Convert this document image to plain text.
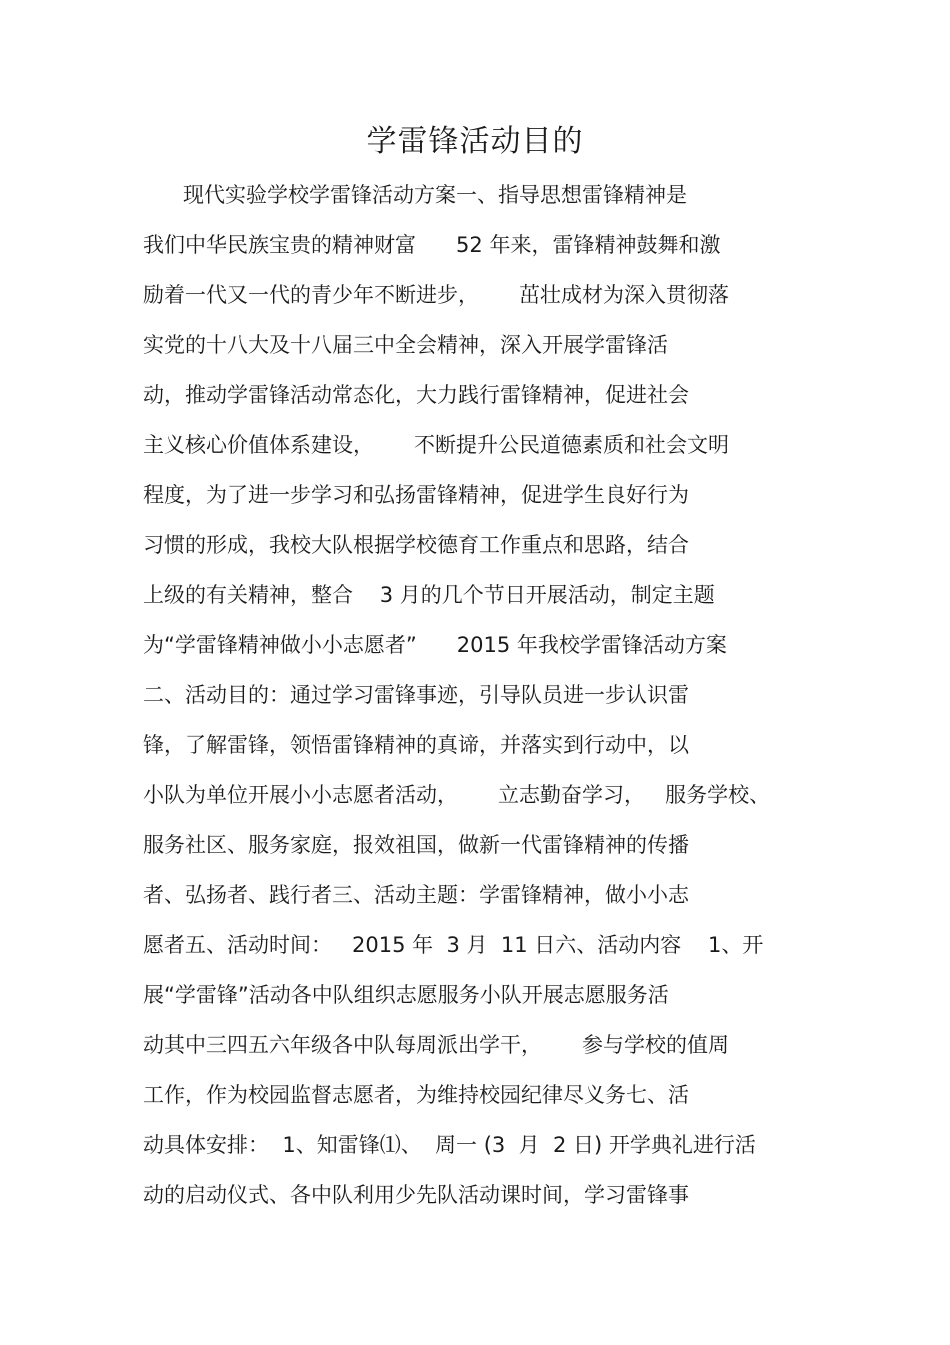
学雷锋活动目的
现代实验学校学雷锋活动方案一、指导思想雷锋精神是
我们中华民族宝贵的精神财富      52 年来，雷锋精神鼓舞和激
励着一代又一代的青少年不断进步，      茁壮成材为深入贯彻落
实党的十八大及十八届三中全会精神，深入开展学雷锋活
动，推动学雷锋活动常态化，大力践行雷锋精神，促进社会
主义核心价值体系建设，      不断提升公民道德素质和社会文明
程度，为了进一步学习和弘扬雷锋精神，促进学生良好行为
习惯的形成，我校大队根据学校德育工作重点和思路，结合
上级的有关精神，整合    3 月的几个节日开展活动，制定主题
为“学雷锋精神做小小志愿者”      2015 年我校学雷锋活动方案
二、活动目的：通过学习雷锋事迹，引导队员进一步认识雷
锋，了解雷锋，领悟雷锋精神的真谛，并落实到行动中，以
小队为单位开展小小志愿者活动，      立志勤奋学习，   服务学校、
服务社区、服务家庭，报效祖国，做新一代雷锋精神的传播
者、弘扬者、践行者三、活动主题：学雷锋精神，做小小志
愿者五、活动时间：   2015 年  3 月  11 日六、活动内容    1、开
展“学雷锋”活动各中队组织志愿服务小队开展志愿服务活
动其中三四五六年级各中队每周派出学干，      参与学校的值周
工作，作为校园监督志愿者，为维持校园纪律尽义务七、活
动具体安排：  1、知雷锋⑴、  周一 (3  月  2 日) 开学典礼进行活
动的启动仪式、各中队利用少先队活动课时间，学习雷锋事
